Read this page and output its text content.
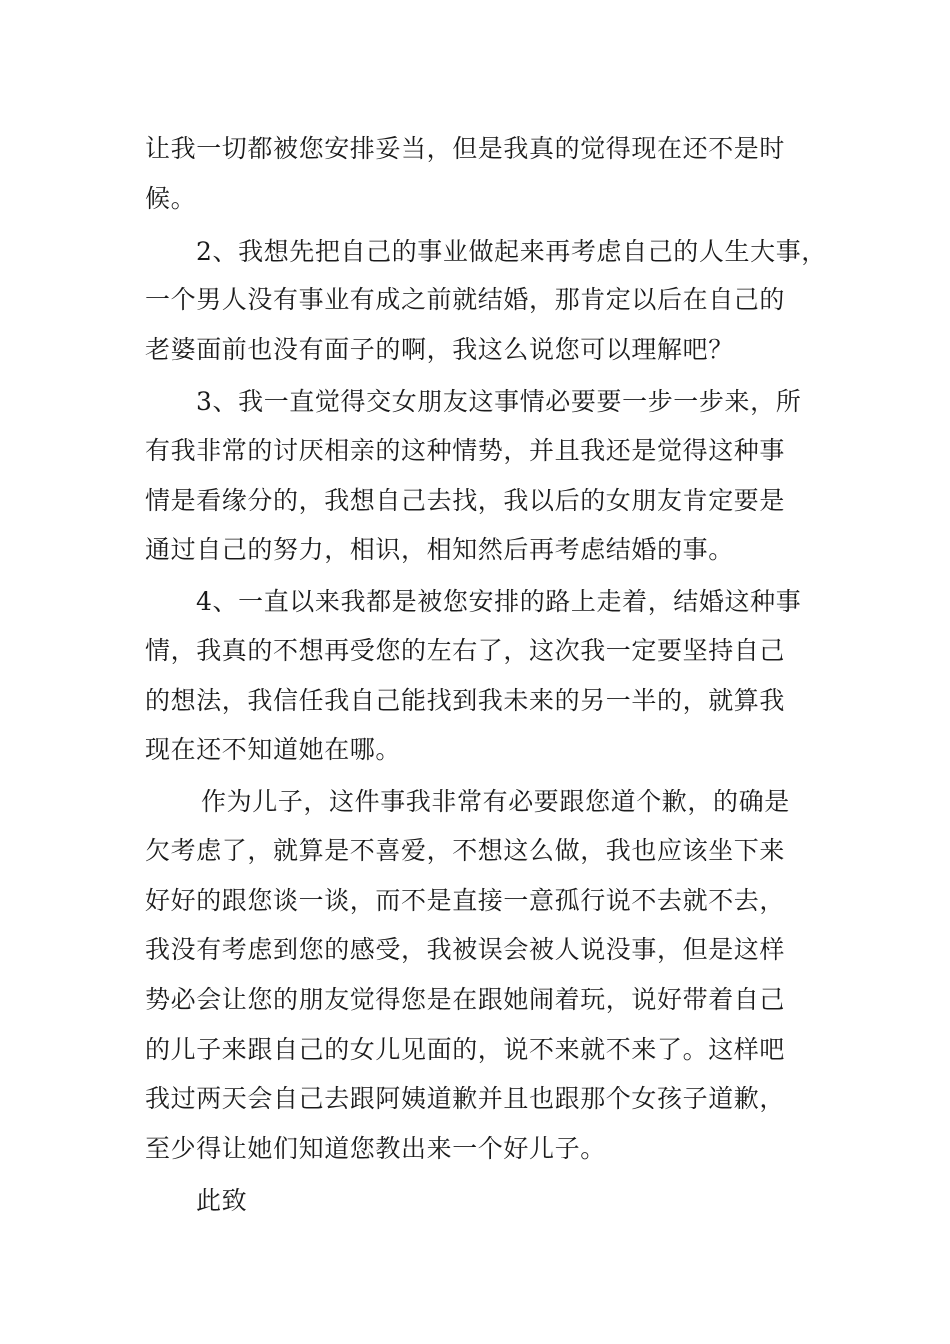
让我一切都被您安排妥当，但是我真的觉得现在还不是时
候。
2、我想先把自己的事业做起来再考虑自己的人生大事，
一个男人没有事业有成之前就结婚，那肯定以后在自己的
老婆面前也没有面子的啊，我这么说您可以理解吧？
3、我一直觉得交女朋友这事情必要要一步一步来，所
有我非常的讨厌相亲的这种情势，并且我还是觉得这种事
情是看缘分的，我想自己去找，我以后的女朋友肯定要是
通过自己的努力，相识，相知然后再考虑结婚的事。
4、一直以来我都是被您安排的路上走着，结婚这种事
情，我真的不想再受您的左右了，这次我一定要坚持自己
的想法，我信任我自己能找到我未来的另一半的，就算我
现在还不知道她在哪。
作为儿子，这件事我非常有必要跟您道个歉，的确是
欠考虑了，就算是不喜爱，不想这么做，我也应该坐下来
好好的跟您谈一谈，而不是直接一意孤行说不去就不去，
我没有考虑到您的感受，我被误会被人说没事，但是这样
势必会让您的朋友觉得您是在跟她闹着玩，说好带着自己
的儿子来跟自己的女儿见面的，说不来就不来了。这样吧
我过两天会自己去跟阿姨道歉并且也跟那个女孩子道歉，
至少得让她们知道您教出来一个好儿子。
此致
